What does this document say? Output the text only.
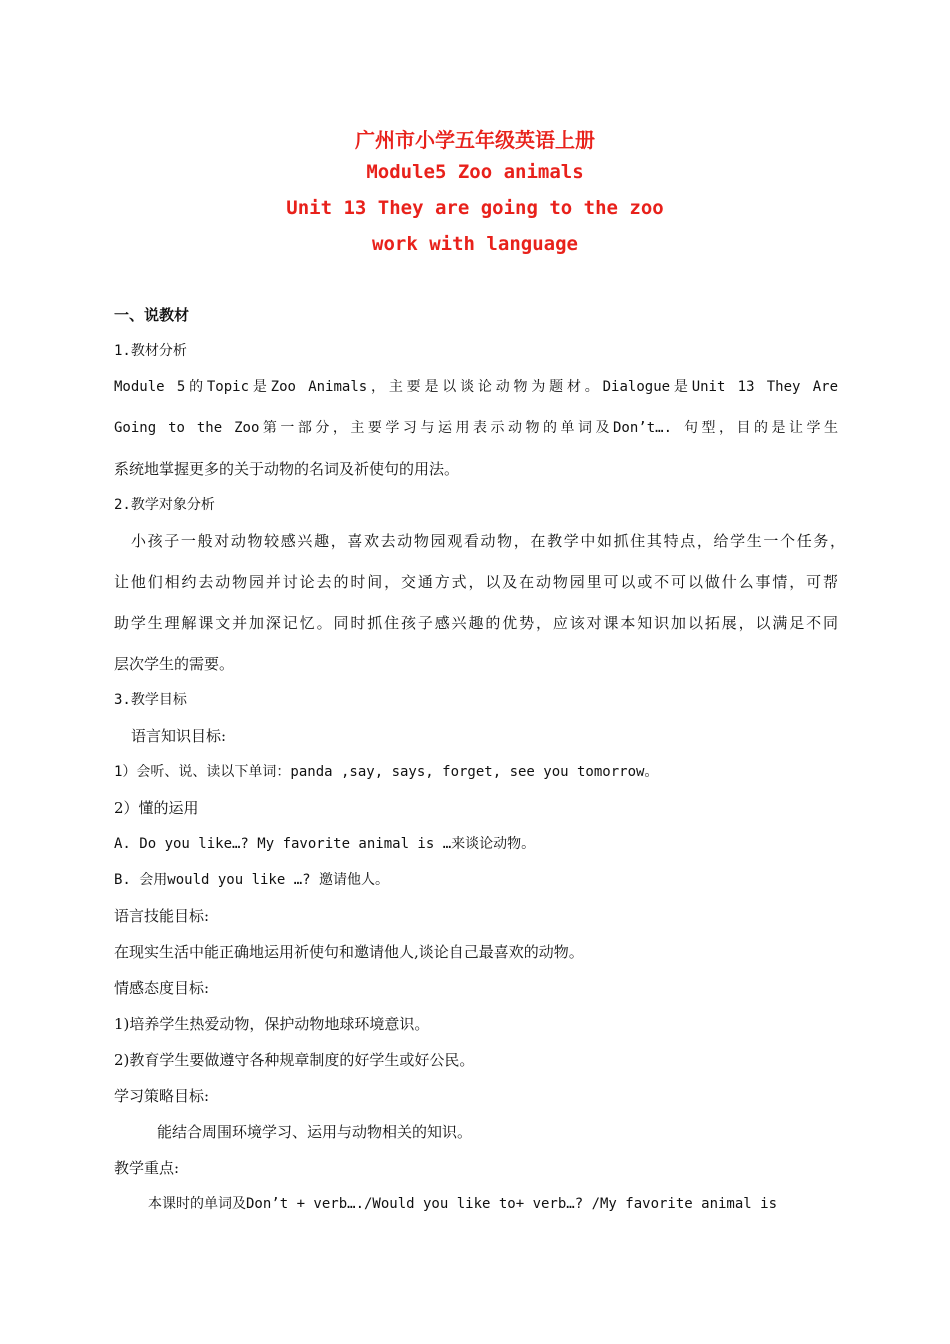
广州市小学五年级英语上册
Module5 Zoo animals
Unit 13 They are going to the zoo
work with language
一、说教材
1.教材分析
Module 5的Topic是Zoo Animals，主要是以谈论动物为题材。Dialogue是Unit 13 They Are
Going to the Zoo第一部分，主要学习与运用表示动物的单词及Don’t…. 句型，目的是让学生
系统地掌握更多的关于动物的名词及祈使句的用法。
2.教学对象分析
小孩子一般对动物较感兴趣，喜欢去动物园观看动物，在教学中如抓住其特点，给学生一个任务，
让他们相约去动物园并讨论去的时间，交通方式，以及在动物园里可以或不可以做什么事情，可帮
助学生理解课文并加深记忆。同时抓住孩子感兴趣的优势，应该对课本知识加以拓展，以满足不同
层次学生的需要。
3.教学目标
语言知识目标:
1）会听、说、读以下单词：panda ,say, says, forget, see you tomorrow。
2）懂的运用
A. Do you like…? My favorite animal is …来谈论动物。
B. 会用would you like …? 邀请他人。
语言技能目标:
在现实生活中能正确地运用祈使句和邀请他人,谈论自己最喜欢的动物。
情感态度目标:
1)培养学生热爱动物，保护动物地球环境意识。
2)教育学生要做遵守各种规章制度的好学生或好公民。
学习策略目标:
能结合周围环境学习、运用与动物相关的知识。
教学重点:
本课时的单词及Don’t + verb…./Would you like to+ verb…? /My favorite animal is
